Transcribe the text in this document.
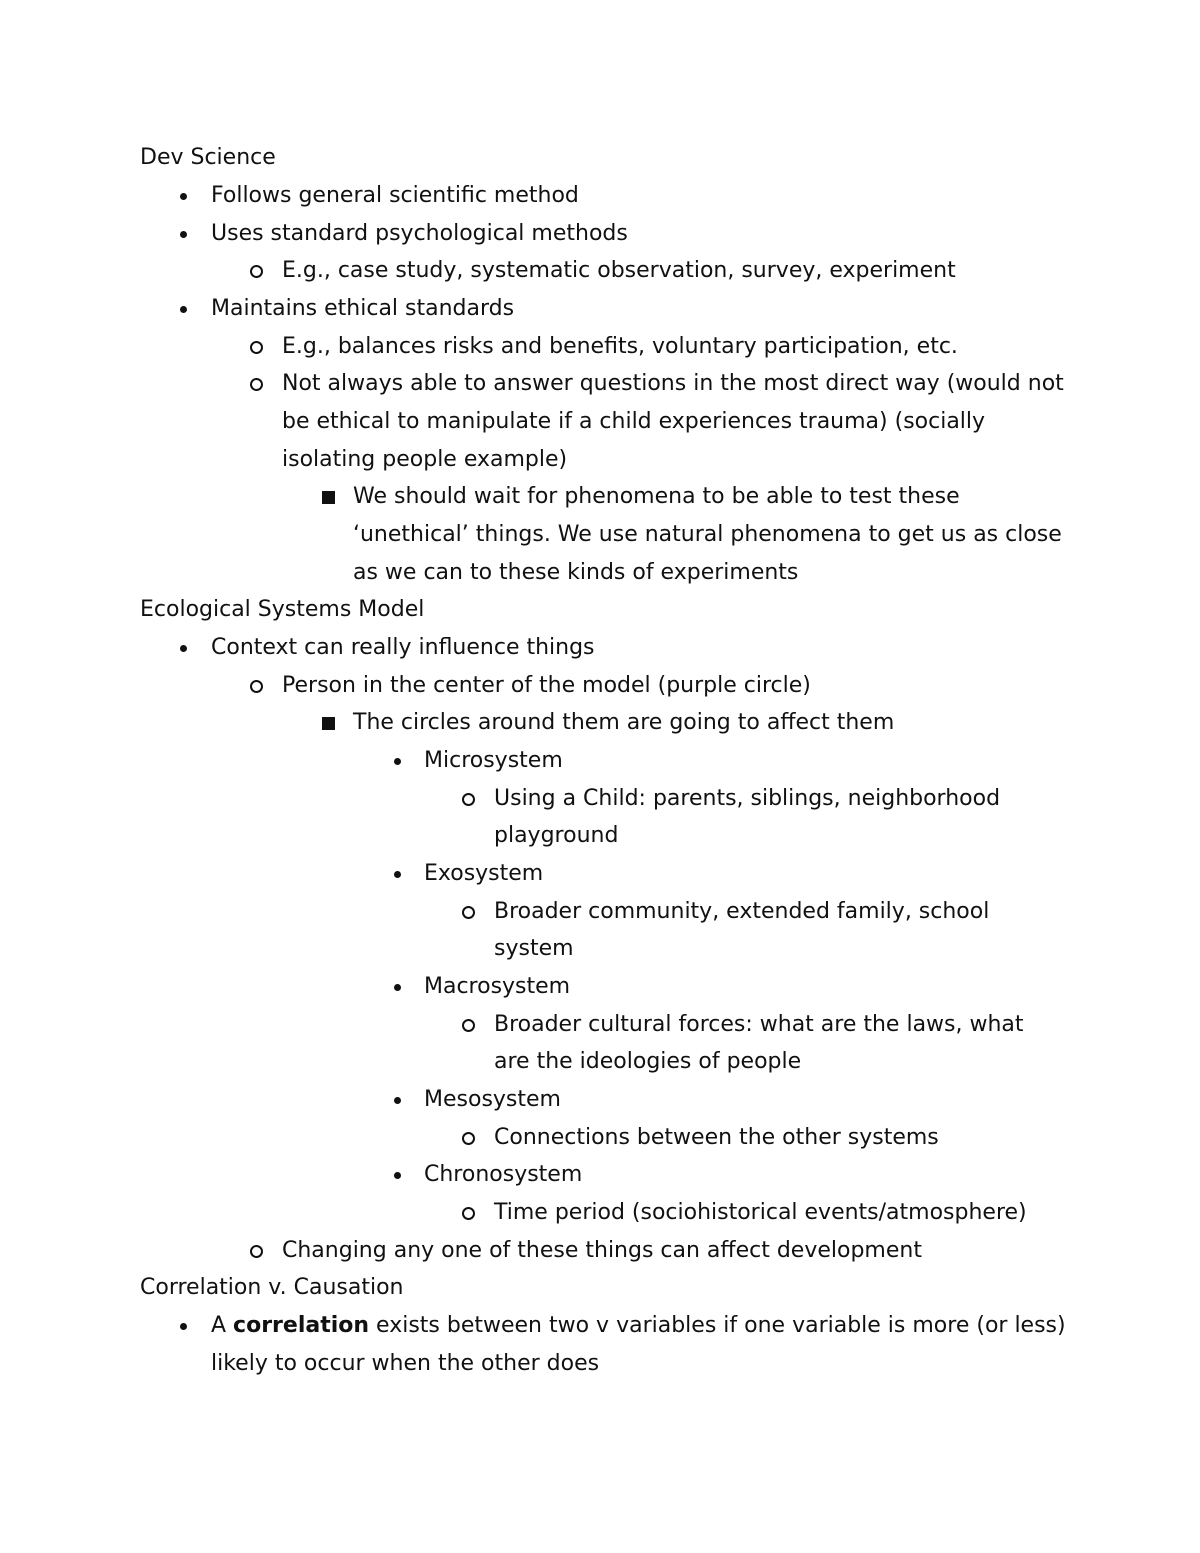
Dev Science
Follows general scientific method
Uses standard psychological methods
E.g., case study, systematic observation, survey, experiment
Maintains ethical standards
E.g., balances risks and benefits, voluntary participation, etc.
Not always able to answer questions in the most direct way (would not
be ethical to manipulate if a child experiences trauma) (socially
isolating people example)
We should wait for phenomena to be able to test these
‘unethical’ things. We use natural phenomena to get us as close
as we can to these kinds of experiments
Ecological Systems Model
Context can really influence things
Person in the center of the model (purple circle)
The circles around them are going to affect them
Microsystem
Using a Child: parents, siblings, neighborhood
playground
Exosystem
Broader community, extended family, school
system
Macrosystem
Broader cultural forces: what are the laws, what
are the ideologies of people
Mesosystem
Connections between the other systems
Chronosystem
Time period (sociohistorical events/atmosphere)
Changing any one of these things can affect development
Correlation v. Causation
A correlation exists between two v variables if one variable is more (or less)
likely to occur when the other does
